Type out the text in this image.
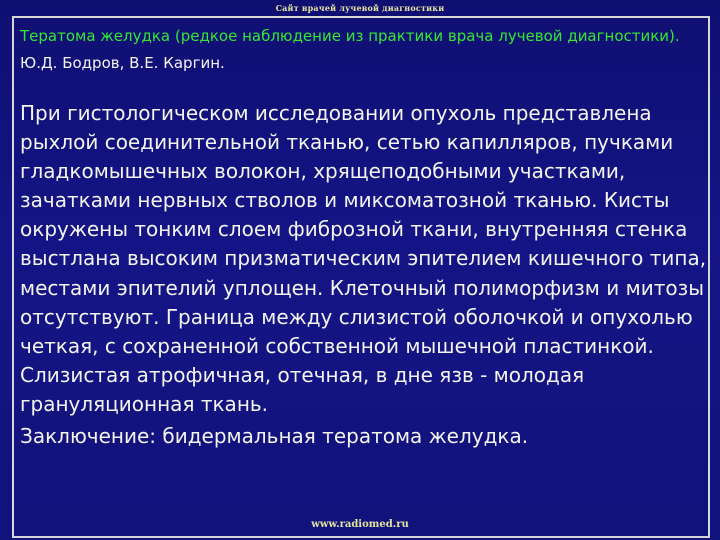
Сайт врачей лучевой диагностики
Тератома желудка (редкое наблюдение из практики врача лучевой диагностики).

Ю.Д. Бодров, В.Е. Каргин.

При гистологическом исследовании опухоль представлена рыхлой соединительной тканью, сетью капилляров, пучками гладкомышечных волокон, хрящеподобными участками, зачатками нервных стволов и миксоматозной тканью. Кисты окружены тонким слоем фиброзной ткани, внутренняя стенка выстлана высоким призматическим эпителием кишечного типа, местами эпителий уплощен. Клеточный полиморфизм и митозы отсутствуют. Граница между слизистой оболочкой и опухолью четкая, с сохраненной собственной мышечной пластинкой. Слизистая атрофичная, отечная, в дне язв - молодая грануляционная ткань.

Заключение: бидермальная тератома желудка.

www.radiomed.ru
